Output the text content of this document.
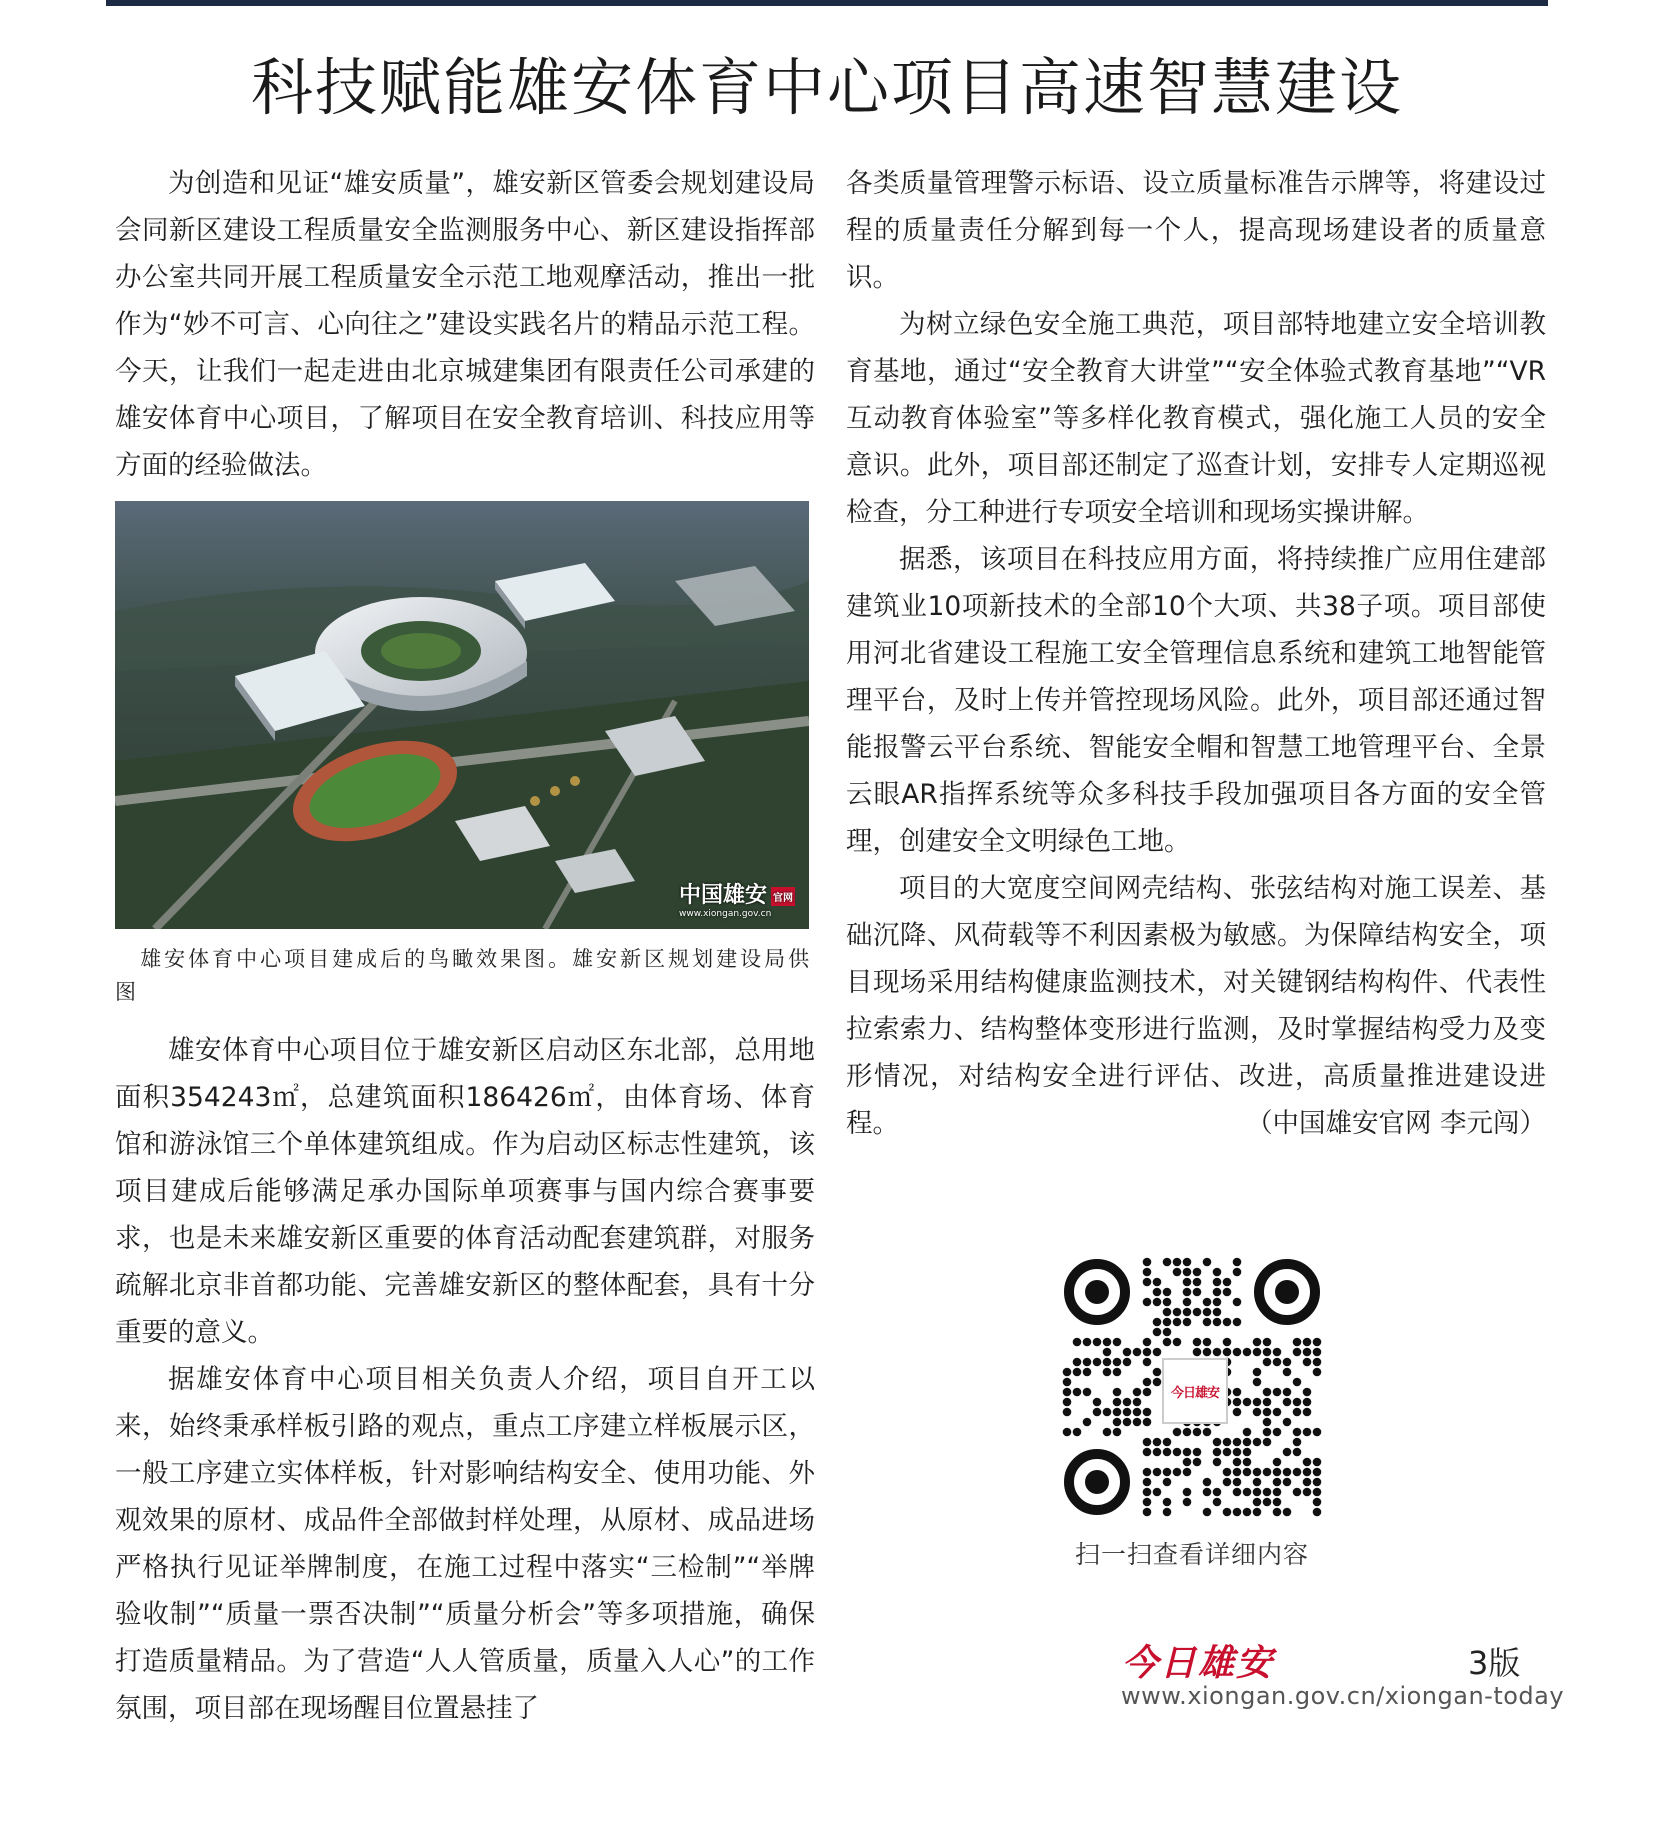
科技赋能雄安体育中心项目高速智慧建设

为创造和见证“雄安质量”，雄安新区管委会规划建设局会同新区建设工程质量安全监测服务中心、新区建设指挥部办公室共同开展工程质量安全示范工地观摩活动，推出一批作为“妙不可言、心向往之”建设实践名片的精品示范工程。今天，让我们一起走进由北京城建集团有限责任公司承建的雄安体育中心项目，了解项目在安全教育培训、科技应用等方面的经验做法。

中国雄安 官网
www.xiongan.gov.cn

雄安体育中心项目建成后的鸟瞰效果图。雄安新区规划建设局供图

雄安体育中心项目位于雄安新区启动区东北部，总用地面积354243㎡，总建筑面积186426㎡，由体育场、体育馆和游泳馆三个单体建筑组成。作为启动区标志性建筑，该项目建成后能够满足承办国际单项赛事与国内综合赛事要求，也是未来雄安新区重要的体育活动配套建筑群，对服务疏解北京非首都功能、完善雄安新区的整体配套，具有十分重要的意义。

据雄安体育中心项目相关负责人介绍，项目自开工以来，始终秉承样板引路的观点，重点工序建立样板展示区，一般工序建立实体样板，针对影响结构安全、使用功能、外观效果的原材、成品件全部做封样处理，从原材、成品进场严格执行见证举牌制度，在施工过程中落实“三检制”“举牌验收制”“质量一票否决制”“质量分析会”等多项措施，确保打造质量精品。为了营造“人人管质量，质量入人心”的工作氛围，项目部在现场醒目位置悬挂了

各类质量管理警示标语、设立质量标准告示牌等，将建设过程的质量责任分解到每一个人，提高现场建设者的质量意识。

为树立绿色安全施工典范，项目部特地建立安全培训教育基地，通过“安全教育大讲堂”“安全体验式教育基地”“VR互动教育体验室”等多样化教育模式，强化施工人员的安全意识。此外，项目部还制定了巡查计划，安排专人定期巡视检查，分工种进行专项安全培训和现场实操讲解。

据悉，该项目在科技应用方面，将持续推广应用住建部建筑业10项新技术的全部10个大项、共38子项。项目部使用河北省建设工程施工安全管理信息系统和建筑工地智能管理平台，及时上传并管控现场风险。此外，项目部还通过智能报警云平台系统、智能安全帽和智慧工地管理平台、全景云眼AR指挥系统等众多科技手段加强项目各方面的安全管理，创建安全文明绿色工地。

项目的大宽度空间网壳结构、张弦结构对施工误差、基础沉降、风荷载等不利因素极为敏感。为保障结构安全，项目现场采用结构健康监测技术，对关键钢结构构件、代表性拉索索力、结构整体变形进行监测，及时掌握结构受力及变形情况，对结构安全进行评估、改进，高质量推进建设进程。	（中国雄安官网 李元闯）
今日雄安
扫一扫查看详细内容
今日雄安	3版
www.xiongan.gov.cn/xiongan-today
